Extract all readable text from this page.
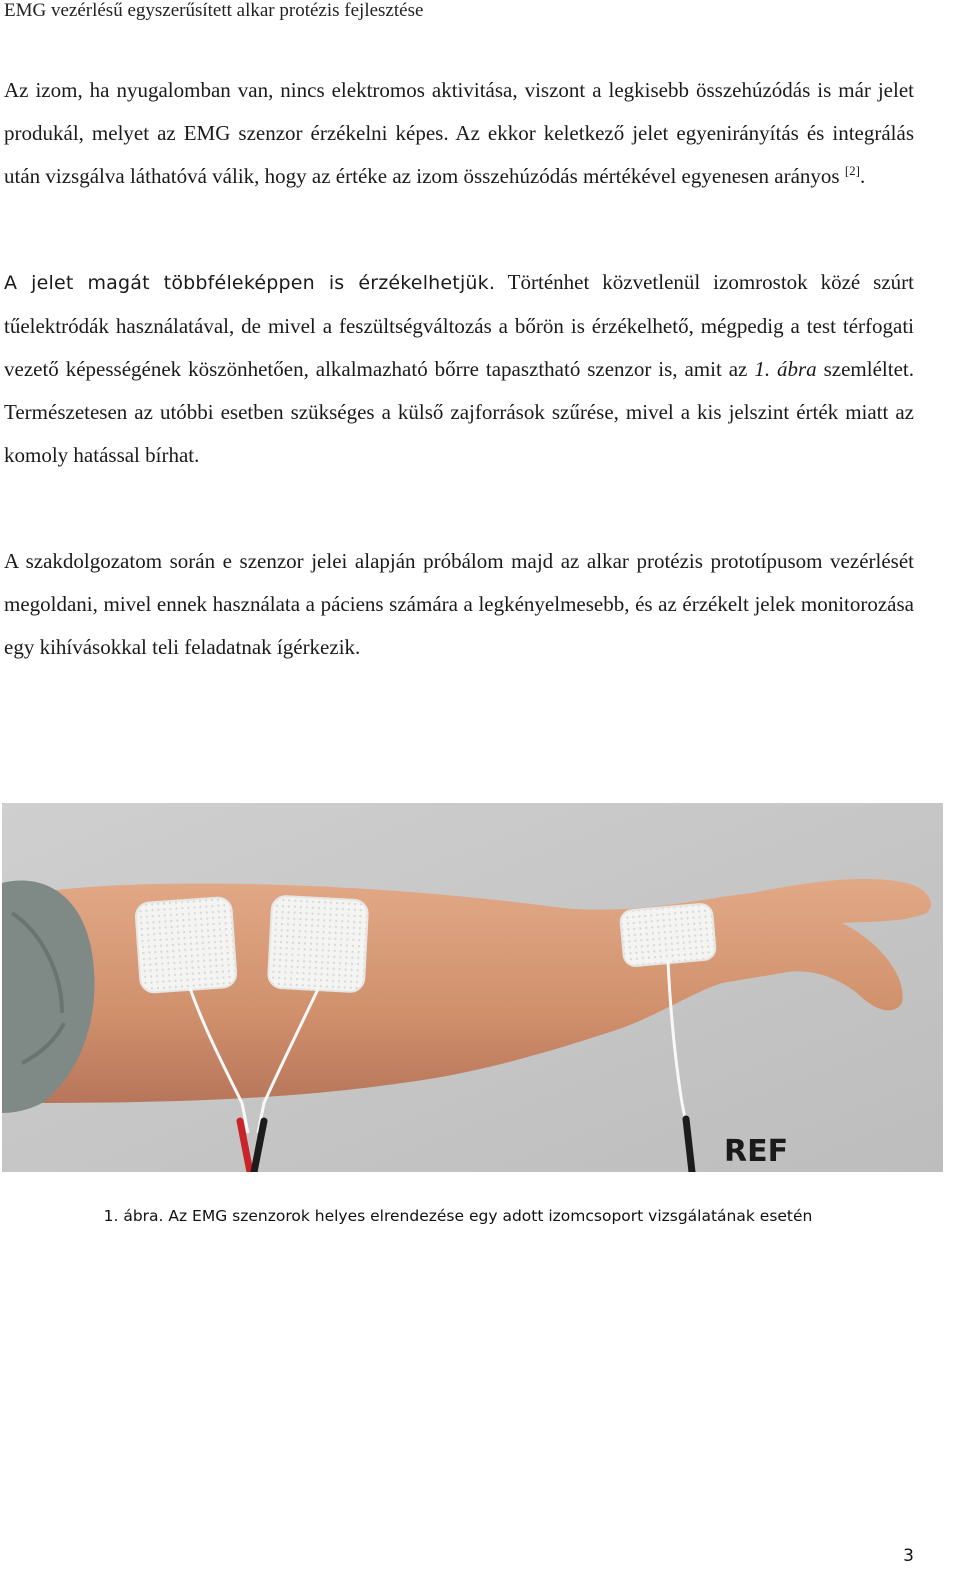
EMG vezérlésű egyszerűsített alkar protézis fejlesztése
Az izom, ha nyugalomban van, nincs elektromos aktivitása, viszont a legkisebb összehúzódás is már jelet produkál, melyet az EMG szenzor érzékelni képes. Az ekkor keletkező jelet egyenirányítás és integrálás után vizsgálva láthatóvá válik, hogy az értéke az izom összehúzódás mértékével egyenesen arányos [2].
A jelet magát többféleképpen is érzékelhetjük. Történhet közvetlenül izomrostok közé szúrt tűelektródák használatával, de mivel a feszültségváltozás a bőrön is érzékelhető, mégpedig a test térfogati vezető képességének köszönhetően, alkalmazható bőrre tapasztható szenzor is, amit az 1. ábra szemléltet. Természetesen az utóbbi esetben szükséges a külső zajforrások szűrése, mivel a kis jelszint érték miatt az komoly hatással bírhat.
A szakdolgozatom során e szenzor jelei alapján próbálom majd az alkar protézis prototípusom vezérlését megoldani, mivel ennek használata a páciens számára a legkényelmesebb, és az érzékelt jelek monitorozása egy kihívásokkal teli feladatnak ígérkezik.
REF
1. ábra. Az EMG szenzorok helyes elrendezése egy adott izomcsoport vizsgálatának esetén
3
